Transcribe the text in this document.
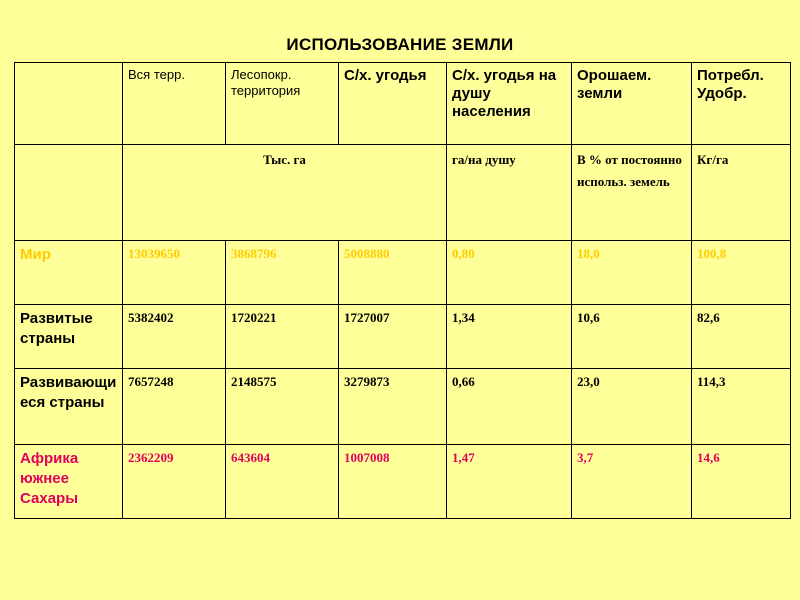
ИСПОЛЬЗОВАНИЕ ЗЕМЛИ
	Вся терр.	Лесопокр. территория	С/х. угодья	С/х. угодья на душу населения	Орошаем. земли	Потребл. Удобр.
	Тыс. га			га/на душу	В % от постоянно использ. земель	Кг/га
Мир	13039650	3868796	5008880	0,80	18,0	100,8
Развитые страны	5382402	1720221	1727007	1,34	10,6	82,6
Развивающиеся страны	7657248	2148575	3279873	0,66	23,0	114,3
Африка южнее Сахары	2362209	643604	1007008	1,47	3,7	14,6
